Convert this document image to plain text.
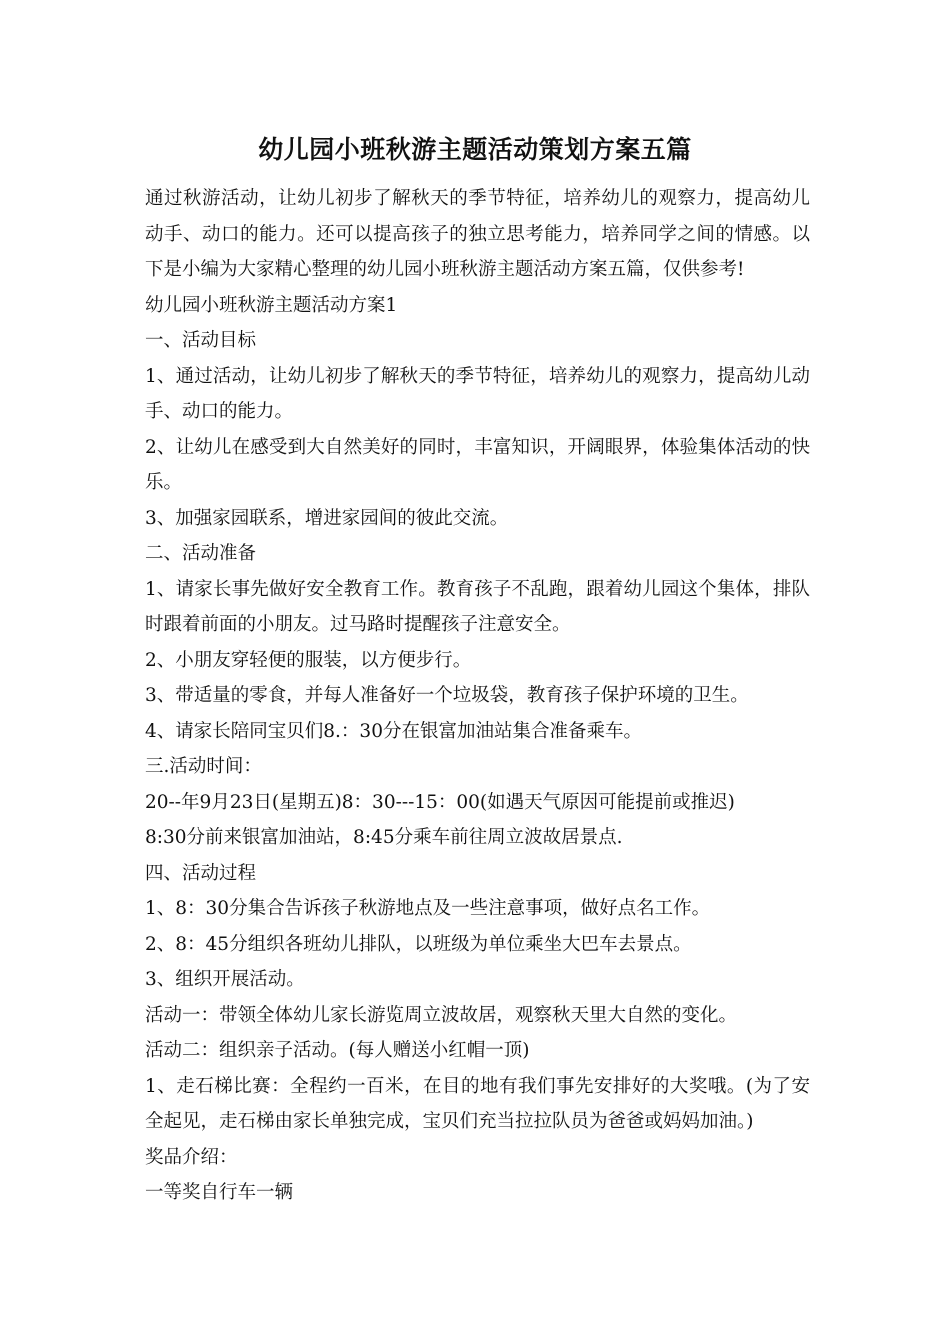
幼儿园小班秋游主题活动策划方案五篇

通过秋游活动，让幼儿初步了解秋天的季节特征，培养幼儿的观察力，提高幼儿动手、动口的能力。还可以提高孩子的独立思考能力，培养同学之间的情感。以下是小编为大家精心整理的幼儿园小班秋游主题活动方案五篇，仅供参考!

幼儿园小班秋游主题活动方案1

一、活动目标

1、通过活动，让幼儿初步了解秋天的季节特征，培养幼儿的观察力，提高幼儿动手、动口的能力。

2、让幼儿在感受到大自然美好的同时，丰富知识，开阔眼界，体验集体活动的快乐。

3、加强家园联系，增进家园间的彼此交流。

二、活动准备

1、请家长事先做好安全教育工作。教育孩子不乱跑，跟着幼儿园这个集体，排队时跟着前面的小朋友。过马路时提醒孩子注意安全。

2、小朋友穿轻便的服装，以方便步行。

3、带适量的零食，并每人准备好一个垃圾袋，教育孩子保护环境的卫生。

4、请家长陪同宝贝们8.：30分在银富加油站集合准备乘车。

三.活动时间：

20--年9月23日(星期五)8：30---15：00(如遇天气原因可能提前或推迟)

8:30分前来银富加油站，8:45分乘车前往周立波故居景点.

四、活动过程

1、8：30分集合告诉孩子秋游地点及一些注意事项，做好点名工作。

2、8：45分组织各班幼儿排队，以班级为单位乘坐大巴车去景点。

3、组织开展活动。

活动一：带领全体幼儿家长游览周立波故居，观察秋天里大自然的变化。

活动二：组织亲子活动。(每人赠送小红帽一顶)

1、走石梯比赛：全程约一百米，在目的地有我们事先安排好的大奖哦。(为了安全起见，走石梯由家长单独完成，宝贝们充当拉拉队员为爸爸或妈妈加油。)

奖品介绍：

一等奖自行车一辆
